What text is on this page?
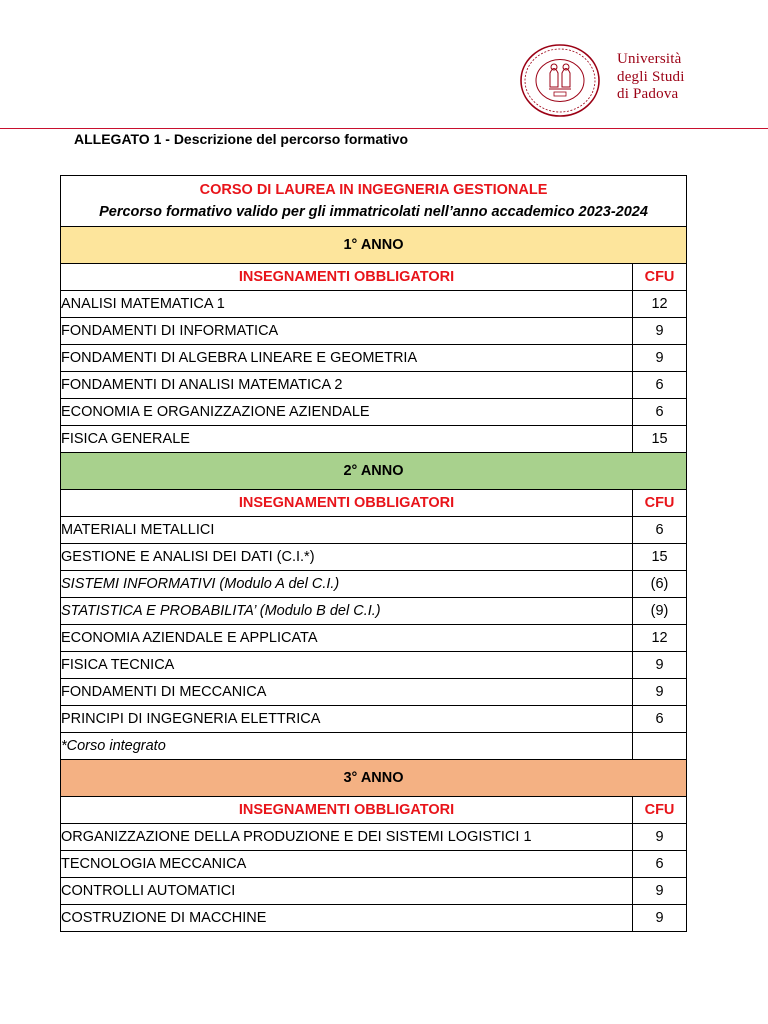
Università
degli Studi
di Padova
ALLEGATO 1 - Descrizione del percorso formativo
CORSO DI LAUREA IN INGEGNERIA GESTIONALE
Percorso formativo valido per gli immatricolati nell’anno accademico 2023-2024	

1° ANNO	
INSEGNAMENTI OBBLIGATORI	CFU
ANALISI MATEMATICA 1	12
FONDAMENTI DI INFORMATICA	9
FONDAMENTI DI ALGEBRA LINEARE E GEOMETRIA	9
FONDAMENTI DI ANALISI MATEMATICA 2	6
ECONOMIA E ORGANIZZAZIONE AZIENDALE	6
FISICA GENERALE	15
2° ANNO	
INSEGNAMENTI OBBLIGATORI	CFU
MATERIALI METALLICI	6
GESTIONE E ANALISI DEI DATI (C.I.*)	15
SISTEMI INFORMATIVI (Modulo A del C.I.)	(6)
STATISTICA E PROBABILITA’ (Modulo B del C.I.)	(9)
ECONOMIA AZIENDALE E APPLICATA	12
FISICA TECNICA	9
FONDAMENTI DI MECCANICA	9
PRINCIPI DI INGEGNERIA ELETTRICA	6
*Corso integrato	
3° ANNO	
INSEGNAMENTI OBBLIGATORI	CFU
ORGANIZZAZIONE DELLA PRODUZIONE E DEI SISTEMI LOGISTICI 1	9
TECNOLOGIA MECCANICA	6
CONTROLLI AUTOMATICI	9
COSTRUZIONE DI MACCHINE	9
